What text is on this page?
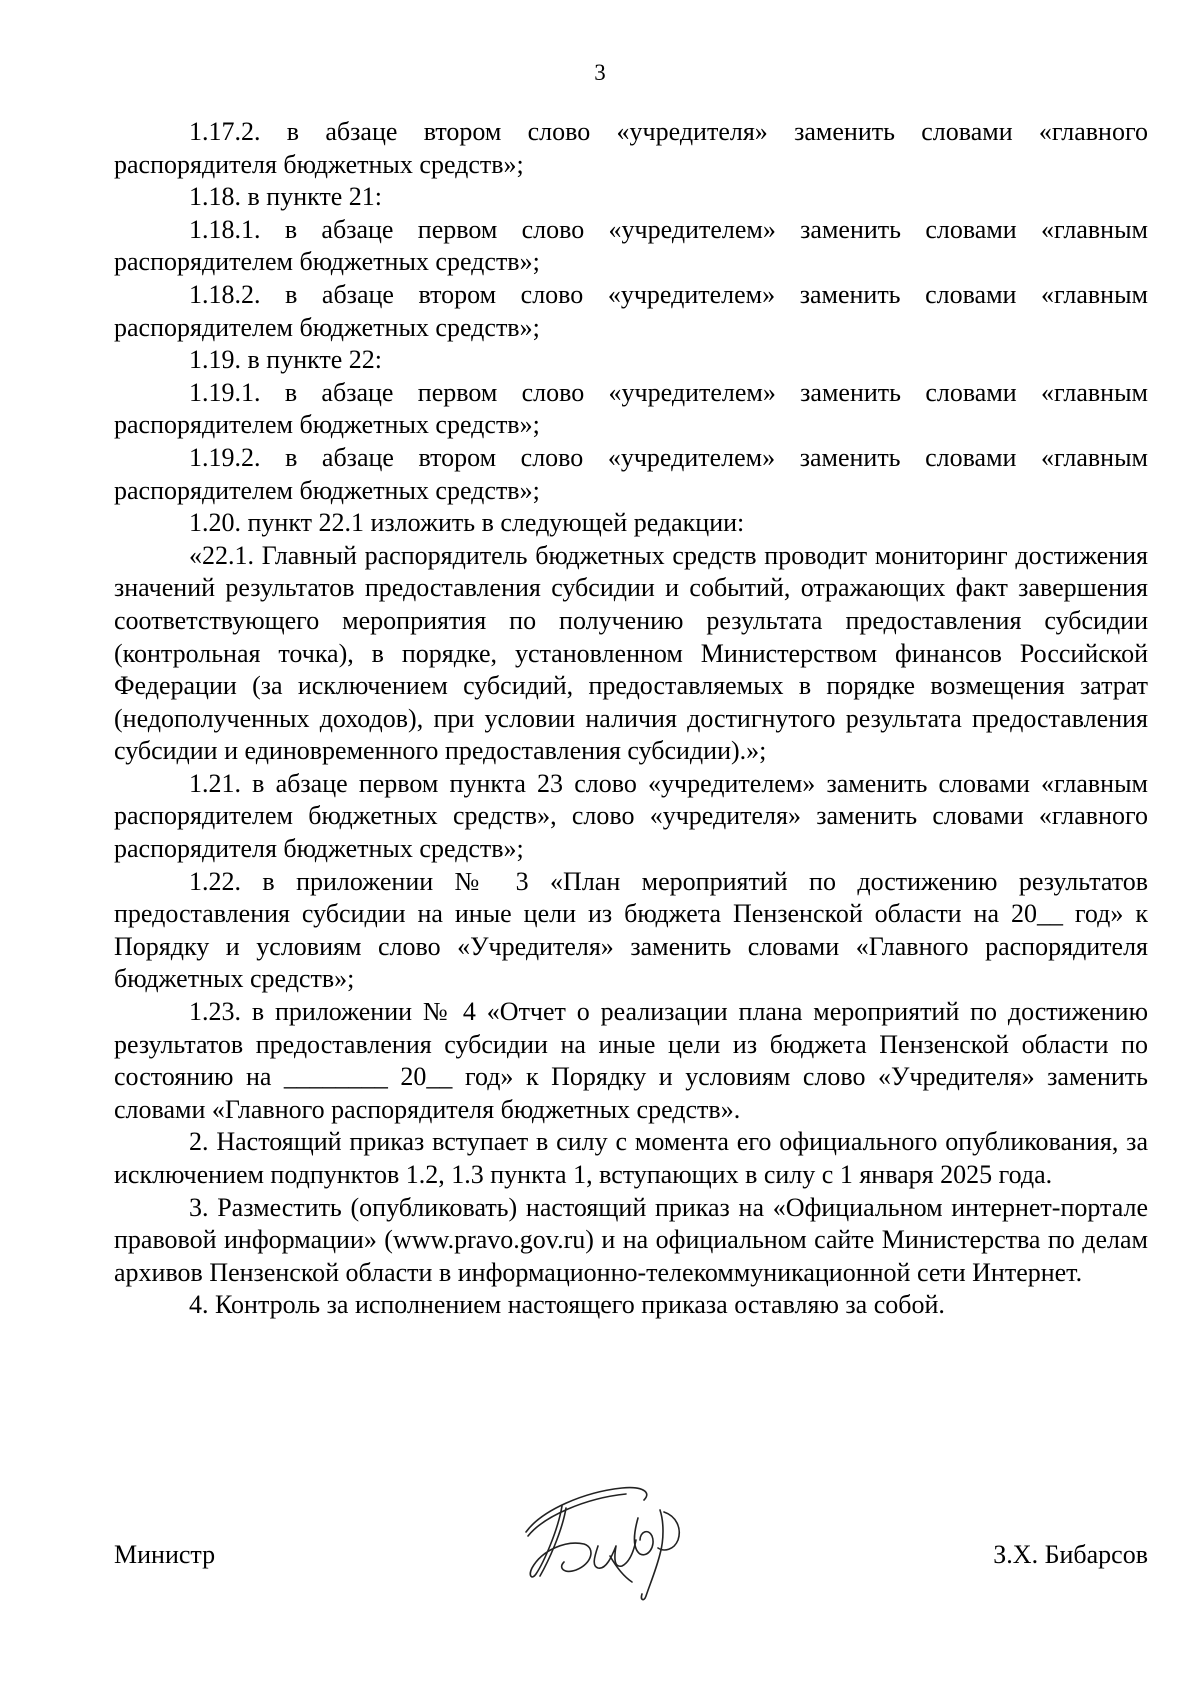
3

1.17.2. в абзаце втором слово «учредителя» заменить словами «главного распорядителя бюджетных средств»;

1.18. в пункте 21:

1.18.1. в абзаце первом слово «учредителем» заменить словами «главным распорядителем бюджетных средств»;

1.18.2. в абзаце втором слово «учредителем» заменить словами «главным распорядителем бюджетных средств»;

1.19. в пункте 22:

1.19.1. в абзаце первом слово «учредителем» заменить словами «главным распорядителем бюджетных средств»;

1.19.2. в абзаце втором слово «учредителем» заменить словами «главным распорядителем бюджетных средств»;

1.20. пункт 22.1 изложить в следующей редакции:

«22.1. Главный распорядитель бюджетных средств проводит мониторинг достижения значений результатов предоставления субсидии и событий, отражающих факт завершения соответствующего мероприятия по получению результата предоставления субсидии (контрольная точка), в порядке, установленном Министерством финансов Российской Федерации (за исключением субсидий, предоставляемых в порядке возмещения затрат (недополученных доходов), при условии наличия достигнутого результата предоставления субсидии и единовременного предоставления субсидии).»;

1.21. в абзаце первом пункта 23 слово «учредителем» заменить словами «главным распорядителем бюджетных средств», слово «учредителя» заменить словами «главного распорядителя бюджетных средств»;

1.22. в приложении № 3 «План мероприятий по достижению результатов предоставления субсидии на иные цели из бюджета Пензенской области на 20__ год» к Порядку и условиям слово «Учредителя» заменить словами «Главного распорядителя бюджетных средств»;

1.23. в приложении № 4 «Отчет о реализации плана мероприятий по достижению результатов предоставления субсидии на иные цели из бюджета Пензенской области по состоянию на ________ 20__ год» к Порядку и условиям слово «Учредителя» заменить словами «Главного распорядителя бюджетных средств».

2. Настоящий приказ вступает в силу с момента его официального опубликования, за исключением подпунктов 1.2, 1.3 пункта 1, вступающих в силу с 1 января 2025 года.

3. Разместить (опубликовать) настоящий приказ на «Официальном интернет-портале правовой информации» (www.pravo.gov.ru) и на официальном сайте Министерства по делам архивов Пензенской области в информационно-телекоммуникационной сети Интернет.

4. Контроль за исполнением настоящего приказа оставляю за собой.

Министр	З.Х. Бибарсов
